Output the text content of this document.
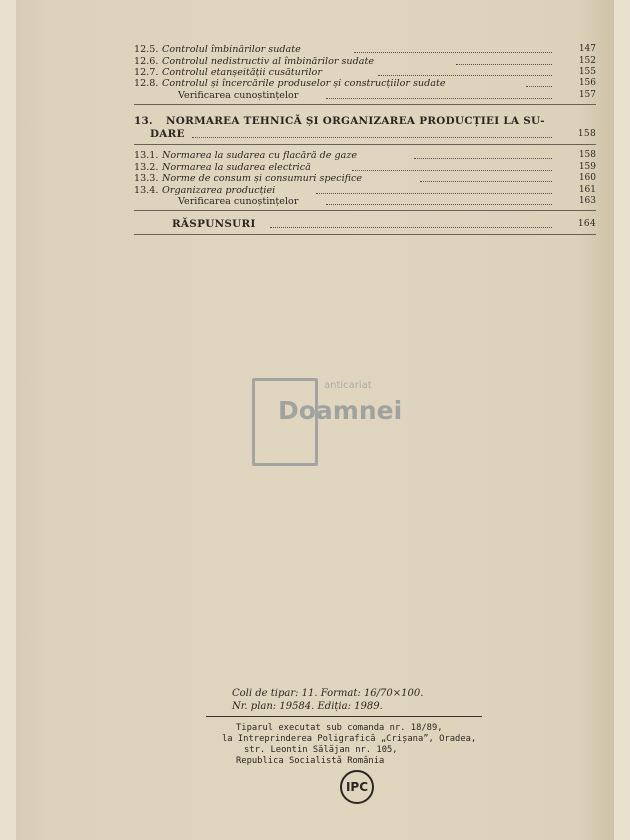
12.5. Controlul îmbinărilor sudate	147
12.6. Controlul nedistructiv al îmbinărilor sudate	152
12.7. Controlul etanșeității cusăturilor	155
12.8. Controlul și încercările produselor și construcțiilor sudate	156
Verificarea cunoștințelor	157
13. NORMAREA TEHNICĂ ȘI ORGANIZAREA PRODUCȚIEI LA SU-
DARE	158
13.1. Normarea la sudarea cu flacără de gaze	158
13.2. Normarea la sudarea electrică	159
13.3. Norme de consum și consumuri specifice	160
13.4. Organizarea producției	161
Verificarea cunoștințelor	163
RĂSPUNSURI	164
anticariat
Doamnei
Coli de tipar: 11. Format: 16/70×100.
Nr. plan: 19584. Ediția: 1989.
Tiparul executat sub comanda nr. 18/89,
la Intreprinderea Poligrafică „Crișana”, Oradea,
str. Leontin Sălăjan nr. 105,
Republica Socialistă România
IPC
